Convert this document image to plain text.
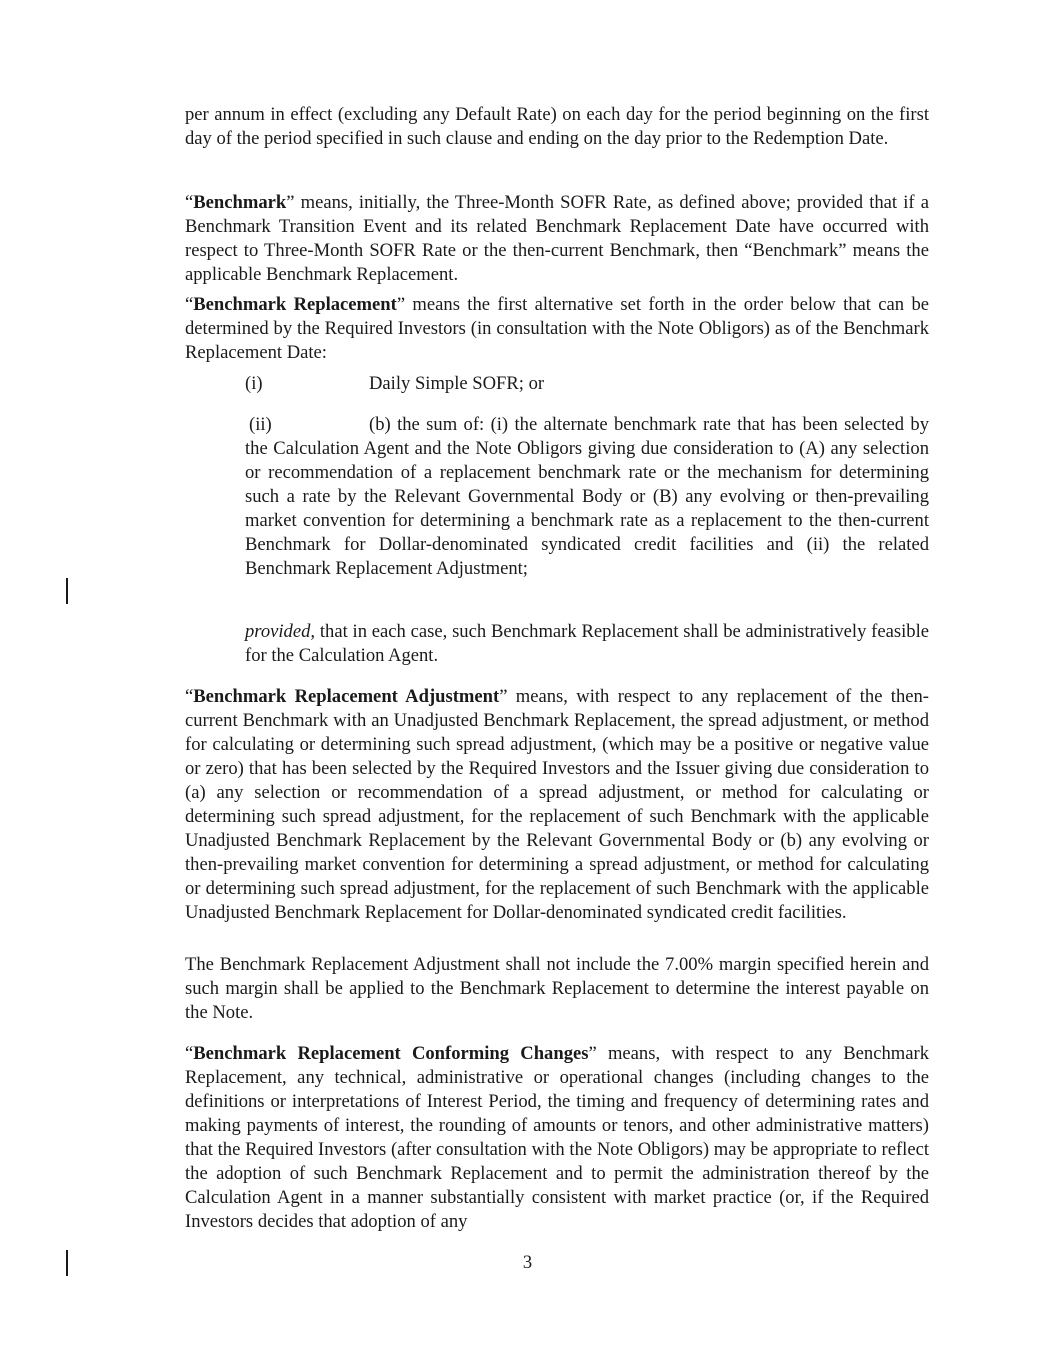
per annum in effect (excluding any Default Rate) on each day for the period beginning on the first day of the period specified in such clause and ending on the day prior to the Redemption Date.

“Benchmark” means, initially, the Three-Month SOFR Rate, as defined above; provided that if a Benchmark Transition Event and its related Benchmark Replacement Date have occurred with respect to Three-Month SOFR Rate or the then-current Benchmark, then “Benchmark” means the applicable Benchmark Replacement.

“Benchmark Replacement” means the first alternative set forth in the order below that can be determined by the Required Investors (in consultation with the Note Obligors) as of the Benchmark Replacement Date:

(i)	Daily Simple SOFR; or

(ii)	(b) the sum of: (i) the alternate benchmark rate that has been selected by the Calculation Agent and the Note Obligors giving due consideration to (A) any selection or recommendation of a replacement benchmark rate or the mechanism for determining such a rate by the Relevant Governmental Body or (B) any evolving or then-prevailing market convention for determining a benchmark rate as a replacement to the then-current Benchmark for Dollar-denominated syndicated credit facilities and (ii) the related Benchmark Replacement Adjustment;

provided, that in each case, such Benchmark Replacement shall be administratively feasible for the Calculation Agent.

“Benchmark Replacement Adjustment” means, with respect to any replacement of the then-current Benchmark with an Unadjusted Benchmark Replacement, the spread adjustment, or method for calculating or determining such spread adjustment, (which may be a positive or negative value or zero) that has been selected by the Required Investors and the Issuer giving due consideration to (a) any selection or recommendation of a spread adjustment, or method for calculating or determining such spread adjustment, for the replacement of such Benchmark with the applicable Unadjusted Benchmark Replacement by the Relevant Governmental Body or (b) any evolving or then-prevailing market convention for determining a spread adjustment, or method for calculating or determining such spread adjustment, for the replacement of such Benchmark with the applicable Unadjusted Benchmark Replacement for Dollar-denominated syndicated credit facilities.

The Benchmark Replacement Adjustment shall not include the 7.00% margin specified herein and such margin shall be applied to the Benchmark Replacement to determine the interest payable on the Note.

“Benchmark Replacement Conforming Changes” means, with respect to any Benchmark Replacement, any technical, administrative or operational changes (including changes to the definitions or interpretations of Interest Period, the timing and frequency of determining rates and making payments of interest, the rounding of amounts or tenors, and other administrative matters) that the Required Investors (after consultation with the Note Obligors) may be appropriate to reflect the adoption of such Benchmark Replacement and to permit the administration thereof by the Calculation Agent in a manner substantially consistent with market practice (or, if the Required Investors decides that adoption of any

3
